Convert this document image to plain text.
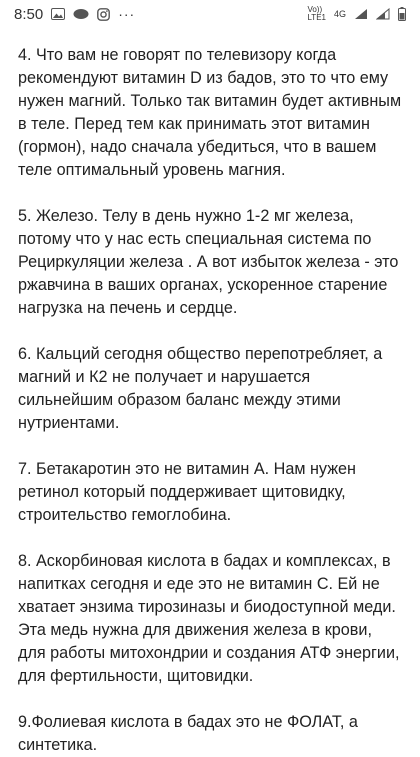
8:50	···	Vo))
LTE1 4G

4. Что вам не говорят по телевизору когда рекомендуют витамин D из бадов, это то что ему нужен магний. Только так витамин будет активным в теле. Перед тем как принимать этот витамин (гормон), надо сначала убедиться, что в вашем теле оптимальный уровень магния.

5. Железо. Телу в день нужно 1-2 мг железа, потому что у нас есть специальная система по Рециркуляции железа . А вот избыток железа - это ржавчина в ваших органах, ускоренное старение нагрузка на печень и сердце.

6. Кальций сегодня общество перепотребляет, а магний и К2 не получает и нарушается сильнейшим образом баланс между этими нутриентами.

7. Бетакаротин это не витамин А. Нам нужен ретинол который поддерживает щитовидку, строительство гемоглобина.

8. Аскорбиновая кислота в бадах и комплексах, в напитках сегодня и еде это не витамин С. Ей не хватает энзима тирозиназы и биодоступной меди. Эта медь нужна для движения железа в крови, для работы митохондрии и создания АТФ энергии, для фертильности, щитовидки.

9.Фолиевая кислота в бадах это не ФОЛАТ, а синтетика.
